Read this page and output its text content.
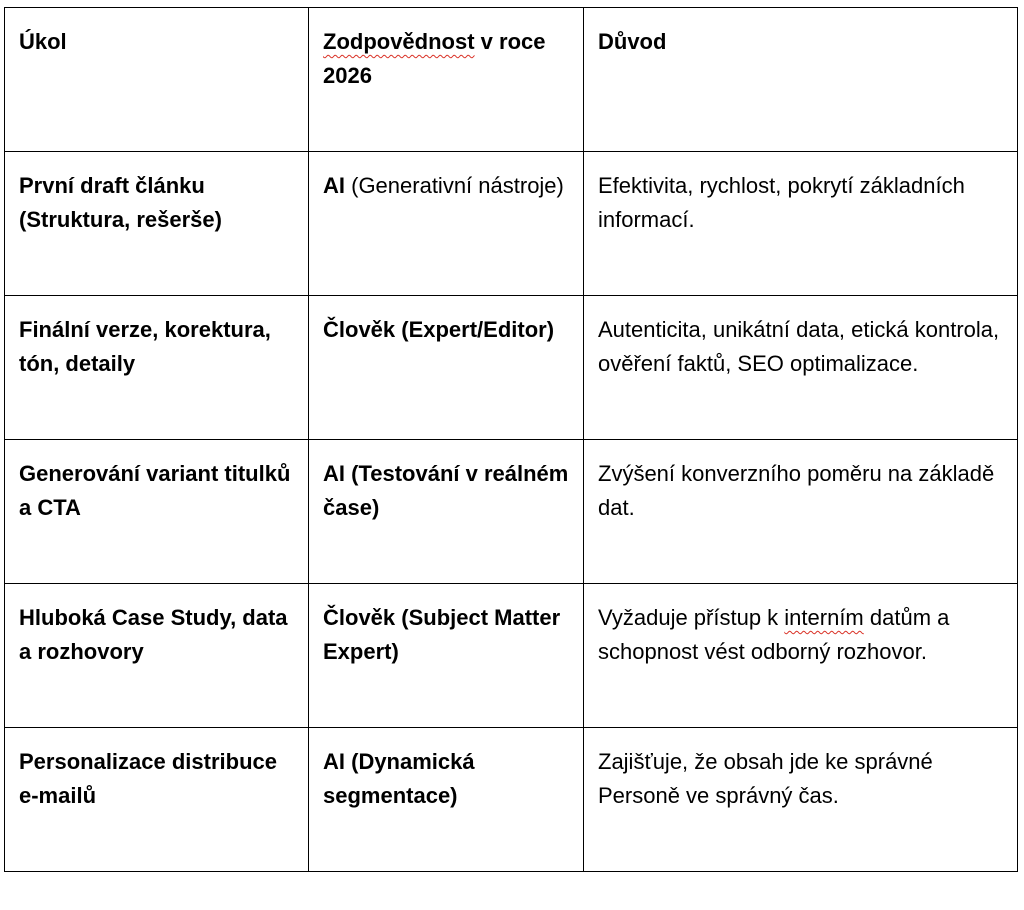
Úkol	Zodpovědnost v roce 2026	Důvod
První draft článku (Struktura, rešerše)	AI (Generativní nástroje)	Efektivita, rychlost, pokrytí základních informací.
Finální verze, korektura, tón, detaily	Člověk (Expert/Editor)	Autenticita, unikátní data, etická kontrola, ověření faktů, SEO optimalizace.
Generování variant titulků a CTA	AI (Testování v reálném čase)	Zvýšení konverzního poměru na základě dat.
Hluboká Case Study, data a rozhovory	Člověk (Subject Matter Expert)	Vyžaduje přístup k interním datům a schopnost vést odborný rozhovor.
Personalizace distribuce e-mailů	AI (Dynamická segmentace)	Zajišťuje, že obsah jde ke správné Personě ve správný čas.
